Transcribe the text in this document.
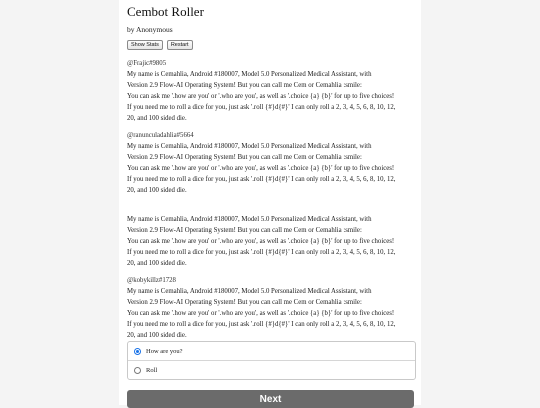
Cembot Roller
by Anonymous
Show Stats	Restart
@Frajic#9805
My name is Cemahlia, Android #180007, Model 5.0 Personalized Medical Assistant, with
Version 2.9 Flow-AI Operating System! But you can call me Cem or Cemahlia :smile:
You can ask me '.how are you' or '.who are you', as well as '.choice {a} {b}' for up to five choices!
If you need me to roll a dice for you, just ask '.roll {#}d{#}' I can only roll a 2, 3, 4, 5, 6, 8, 10, 12,
20, and 100 sided die.
@ranunculadahlia#5664
My name is Cemahlia, Android #180007, Model 5.0 Personalized Medical Assistant, with
Version 2.9 Flow-AI Operating System! But you can call me Cem or Cemahlia :smile:
You can ask me '.how are you' or '.who are you', as well as '.choice {a} {b}' for up to five choices!
If you need me to roll a dice for you, just ask '.roll {#}d{#}' I can only roll a 2, 3, 4, 5, 6, 8, 10, 12,
20, and 100 sided die.
My name is Cemahlia, Android #180007, Model 5.0 Personalized Medical Assistant, with
Version 2.9 Flow-AI Operating System! But you can call me Cem or Cemahlia :smile:
You can ask me '.how are you' or '.who are you', as well as '.choice {a} {b}' for up to five choices!
If you need me to roll a dice for you, just ask '.roll {#}d{#}' I can only roll a 2, 3, 4, 5, 6, 8, 10, 12,
20, and 100 sided die.
@kobykillz#1728
My name is Cemahlia, Android #180007, Model 5.0 Personalized Medical Assistant, with
Version 2.9 Flow-AI Operating System! But you can call me Cem or Cemahlia :smile:
You can ask me '.how are you' or '.who are you', as well as '.choice {a} {b}' for up to five choices!
If you need me to roll a dice for you, just ask '.roll {#}d{#}' I can only roll a 2, 3, 4, 5, 6, 8, 10, 12,
20, and 100 sided die.
How are you?
Roll
Next
